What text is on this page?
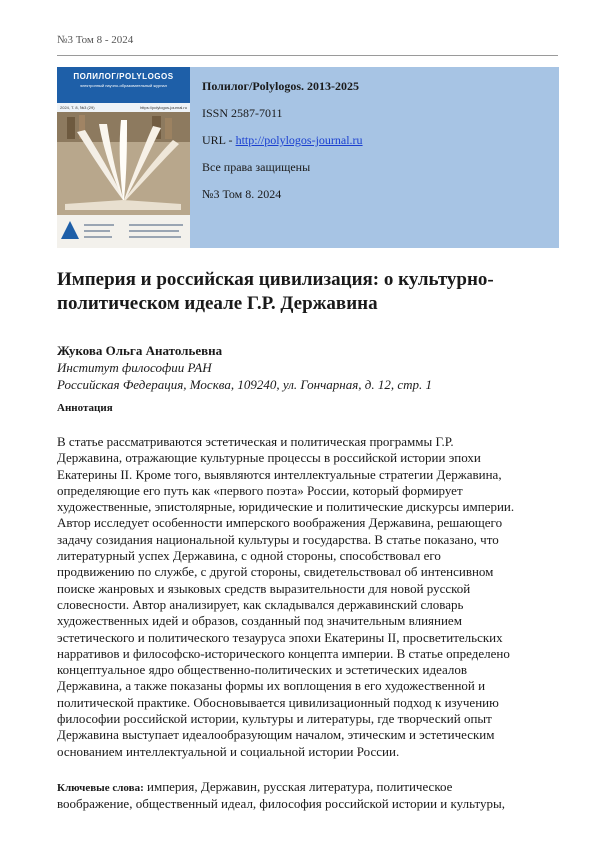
№3 Том 8 - 2024
ПОЛИЛОГ/POLYLOGOS
электронный научно-образовательный журнал
2024, Т. 8, №3 (29)	https://polylogos-journal.ru
Полилог/Polylogos. 2013-2025
ISSN 2587-7011
URL - http://polylogos-journal.ru
Все права защищены
№3 Том 8. 2024
Империя и российская цивилизация: о культурно-политическом идеале Г.Р. Державина
Жукова Ольга Анатольевна
Институт философии РАН
Российская Федерация, Москва, 109240, ул. Гончарная, д. 12, стр. 1
Аннотация

В статье рассматриваются эстетическая и политическая программы Г.Р.
Державина, отражающие культурные процессы в российской истории эпохи
Екатерины II. Кроме того, выявляются интеллектуальные стратегии Державина,
определяющие его путь как «первого поэта» России, который формирует
художественные, эпистолярные, юридические и политические дискурсы империи.
Автор исследует особенности имперского воображения Державина, решающего
задачу созидания национальной культуры и государства. В статье показано, что
литературный успех Державина, с одной стороны, способствовал его
продвижению по службе, с другой стороны, свидетельствовал об интенсивном
поиске жанровых и языковых средств выразительности для новой русской
словесности. Автор анализирует, как складывался державинский словарь
художественных идей и образов, созданный под значительным влиянием
эстетического и политического тезауруса эпохи Екатерины II, просветительских
нарративов и философско-исторического концепта империи. В статье определено
концептуальное ядро общественно-политических и эстетических идеалов
Державина, а также показаны формы их воплощения в его художественной и
политической практике. Обосновывается цивилизационный подход к изучению
философии российской истории, культуры и литературы, где творческий опыт
Державина выступает идеалообразующим началом, этическим и эстетическим
основанием интеллектуальной и социальной истории России.

Ключевые слова: империя, Державин, русская литература, политическое
воображение, общественный идеал, философия российской истории и культуры,
